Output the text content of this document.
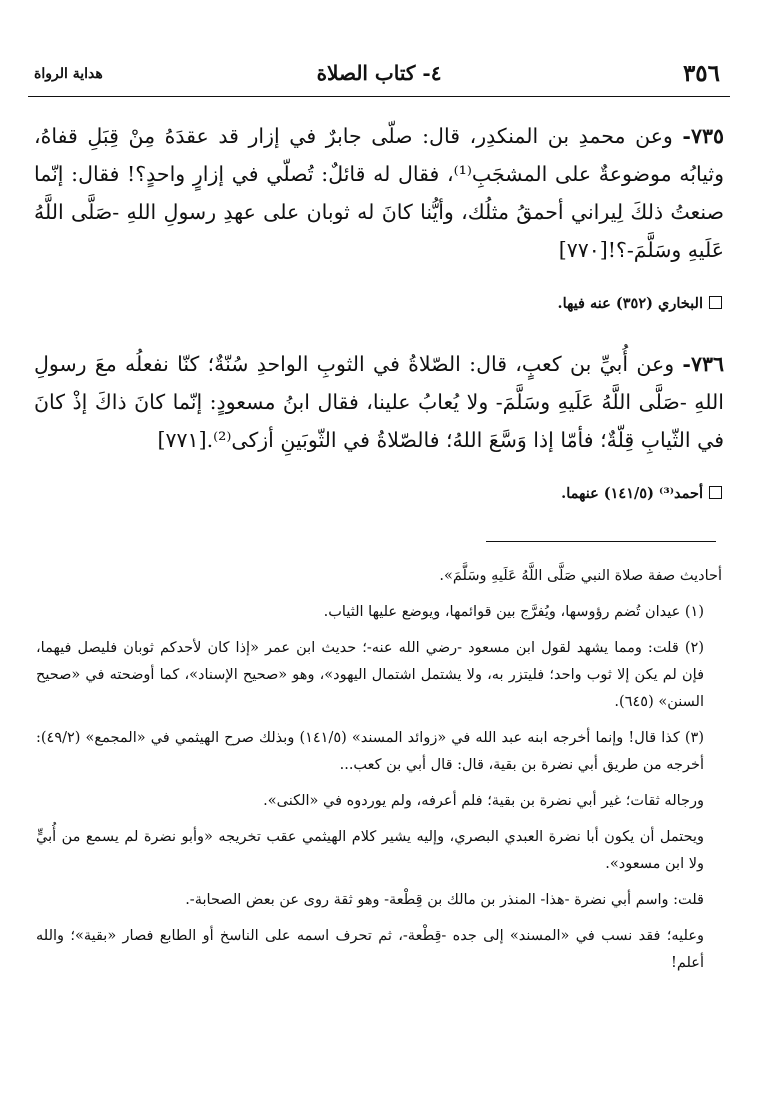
٣٥٦
٤- كتاب الصلاة
هداية الرواة
٧٣٥- وعن محمدِ بن المنكدِر، قال: صلّى جابرٌ في إزار قد عقدَهُ مِنْ قِبَلِ قفاهُ، وثيابُه موضوعةٌ على المشجَبِ⁽¹⁾، فقال له قائلٌ: تُصلّي في إزارٍ واحدٍ؟! فقال: إنّما صنعتُ ذلكَ لِيراني أحمقُ مثلُك، وأيُّنا كانَ له ثوبان على عهدِ رسولِ اللهِ -صَلَّى اللَّهُ عَلَيهِ وسَلَّمَ-؟![٧٧٠]
البخاري (٣٥٢) عنه فيها.
٧٣٦- وعن أُبيِّ بن كعبٍ، قال: الصّلاةُ في الثوبِ الواحدِ سُنّةٌ؛ كنّا نفعلُه معَ رسولِ اللهِ -صَلَّى اللَّهُ عَلَيهِ وسَلَّمَ- ولا يُعابُ علينا، فقال ابنُ مسعودٍ: إنّما كانَ ذاكَ إذْ كانَ في الثّيابِ قِلّةٌ؛ فأمّا إذا وَسَّعَ اللهُ؛ فالصّلاةُ في الثّوبَينِ أزكى⁽²⁾.[٧٧١]
أحمد⁽³⁾ (١٤١/٥) عنهما.

أحاديث صفة صلاة النبي صَلَّى اللَّهُ عَلَيهِ وسَلَّمَ».

(١) عيدان تُضم رؤوسها، ويُفرَّج بين قوائمها، ويوضع عليها الثياب.

(٢) قلت: ومما يشهد لقول ابن مسعود -رضي الله عنه-؛ حديث ابن عمر «إذا كان لأحدكم ثوبان فليصل فيهما، فإن لم يكن إلا ثوب واحد؛ فليتزر به، ولا يشتمل اشتمال اليهود»، وهو «صحيح الإسناد»، كما أوضحته في «صحيح السنن» (٦٤٥).

(٣) كذا قال! وإنما أخرجه ابنه عبد الله في «زوائد المسند» (١٤١/٥) وبذلك صرح الهيثمي في «المجمع» (٤٩/٢): أخرجه من طريق أبي نضرة بن بقية، قال: قال أبي بن كعب...

ورجاله ثقات؛ غير أبي نضرة بن بقية؛ فلم أعرفه، ولم يوردوه في «الكنى».

ويحتمل أن يكون أبا نضرة العبدي البصري، وإليه يشير كلام الهيثمي عقب تخريجه «وأبو نضرة لم يسمع من أُبيٍّ ولا ابن مسعود».

قلت: واسم أبي نضرة -هذا- المنذر بن مالك بن قِطْعة- وهو ثقة روى عن بعض الصحابة-.

وعليه؛ فقد نسب في «المسند» إلى جده -قِطْعة-، ثم تحرف اسمه على الناسخ أو الطابع فصار «بقية»؛ والله أعلم!
